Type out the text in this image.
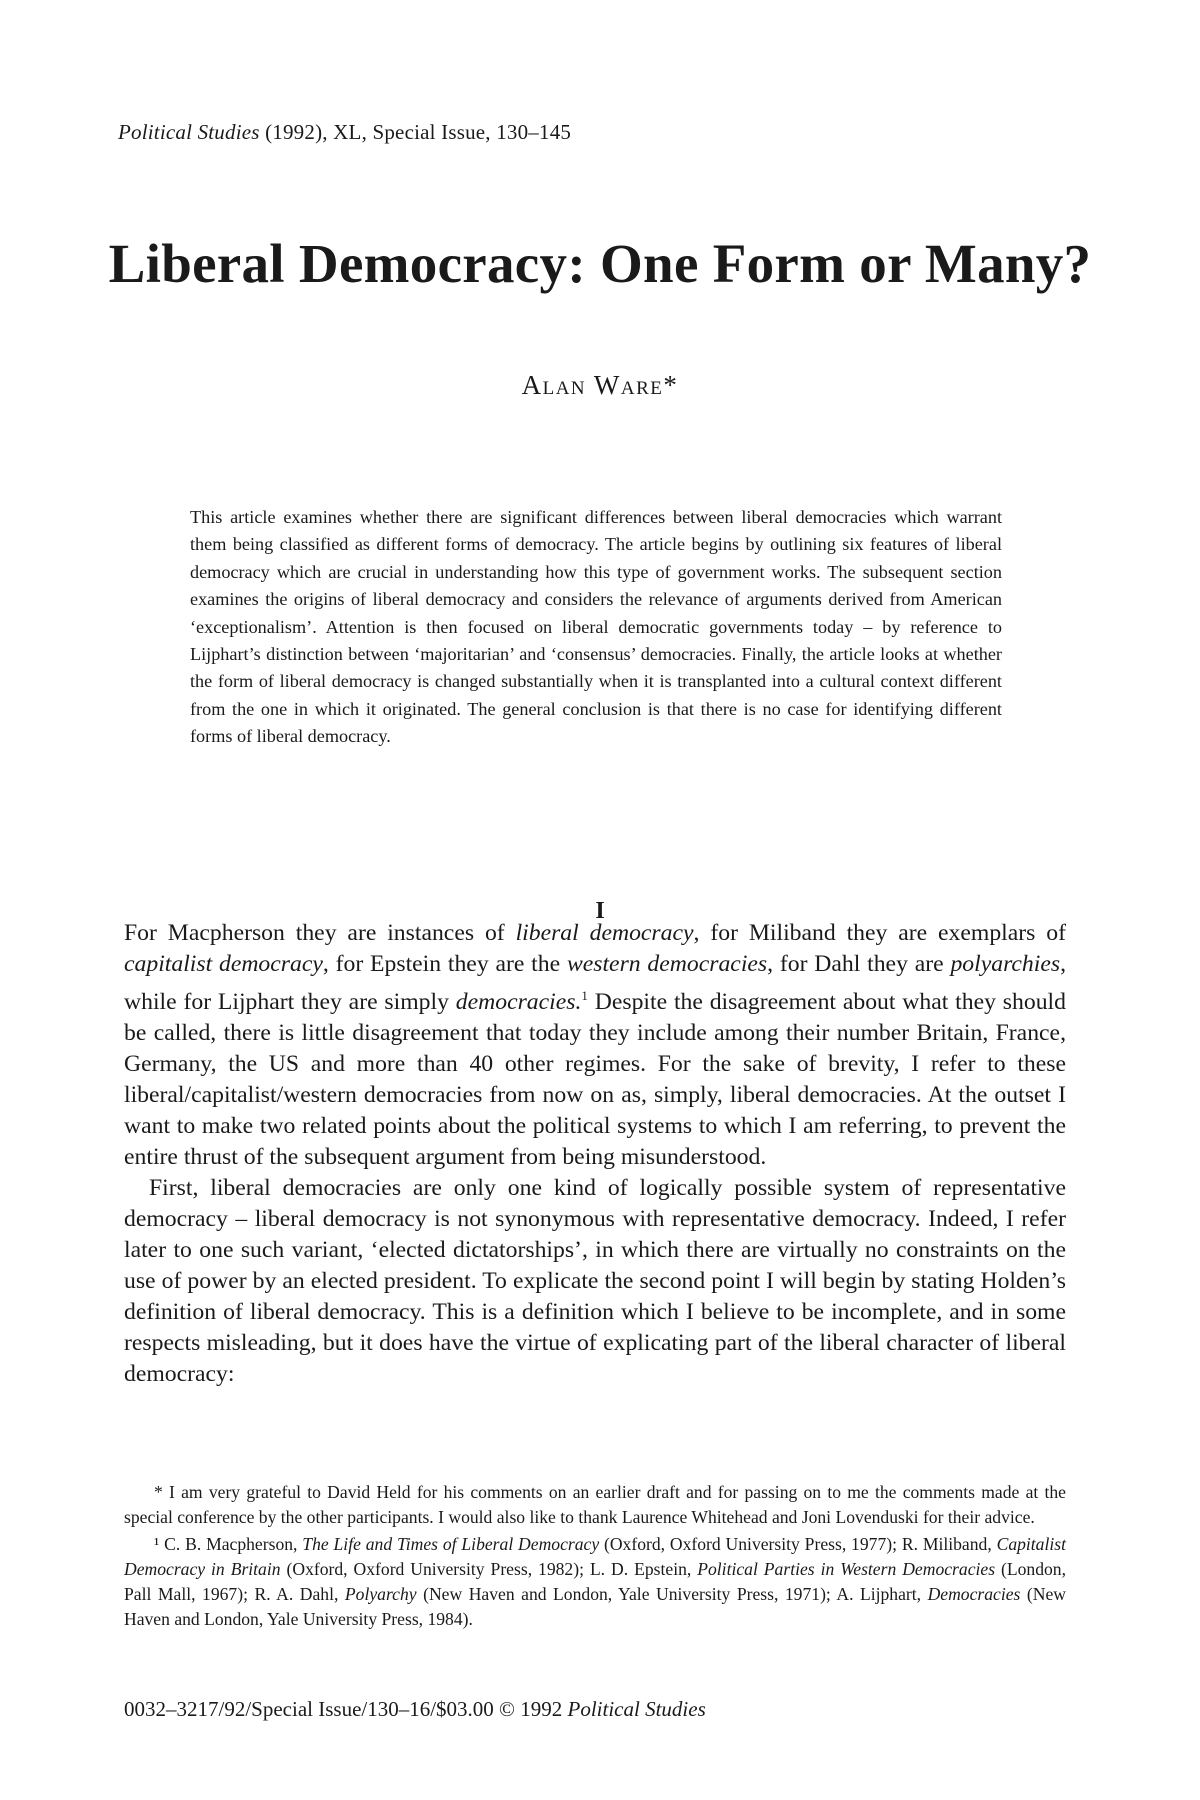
Political Studies (1992), XL, Special Issue, 130–145
Liberal Democracy: One Form or Many?
Alan Ware*

This article examines whether there are significant differences between liberal democracies which warrant them being classified as different forms of democracy. The article begins by outlining six features of liberal democracy which are crucial in understanding how this type of government works. The subsequent section examines the origins of liberal democracy and considers the relevance of arguments derived from American ‘exceptionalism’. Attention is then focused on liberal democratic governments today – by reference to Lijphart’s distinction between ‘majoritarian’ and ‘consensus’ democracies. Finally, the article looks at whether the form of liberal democracy is changed substantially when it is transplanted into a cultural context different from the one in which it originated. The general conclusion is that there is no case for identifying different forms of liberal democracy.

I

For Macpherson they are instances of liberal democracy, for Miliband they are exemplars of capitalist democracy, for Epstein they are the western democracies, for Dahl they are polyarchies, while for Lijphart they are simply democracies.$^1$ Despite the disagreement about what they should be called, there is little disagreement that today they include among their number Britain, France, Germany, the US and more than 40 other regimes. For the sake of brevity, I refer to these liberal/capitalist/western democracies from now on as, simply, liberal democracies. At the outset I want to make two related points about the political systems to which I am referring, to prevent the entire thrust of the subsequent argument from being misunderstood.

First, liberal democracies are only one kind of logically possible system of representative democracy – liberal democracy is not synonymous with representative democracy. Indeed, I refer later to one such variant, ‘elected dictatorships’, in which there are virtually no constraints on the use of power by an elected president. To explicate the second point I will begin by stating Holden’s definition of liberal democracy. This is a definition which I believe to be incomplete, and in some respects misleading, but it does have the virtue of explicating part of the liberal character of liberal democracy:

* I am very grateful to David Held for his comments on an earlier draft and for passing on to me the comments made at the special conference by the other participants. I would also like to thank Laurence Whitehead and Joni Lovenduski for their advice.

¹ C. B. Macpherson, The Life and Times of Liberal Democracy (Oxford, Oxford University Press, 1977); R. Miliband, Capitalist Democracy in Britain (Oxford, Oxford University Press, 1982); L. D. Epstein, Political Parties in Western Democracies (London, Pall Mall, 1967); R. A. Dahl, Polyarchy (New Haven and London, Yale University Press, 1971); A. Lijphart, Democracies (New Haven and London, Yale University Press, 1984).

0032–3217/92/Special Issue/130–16/$03.00 © 1992 Political Studies
